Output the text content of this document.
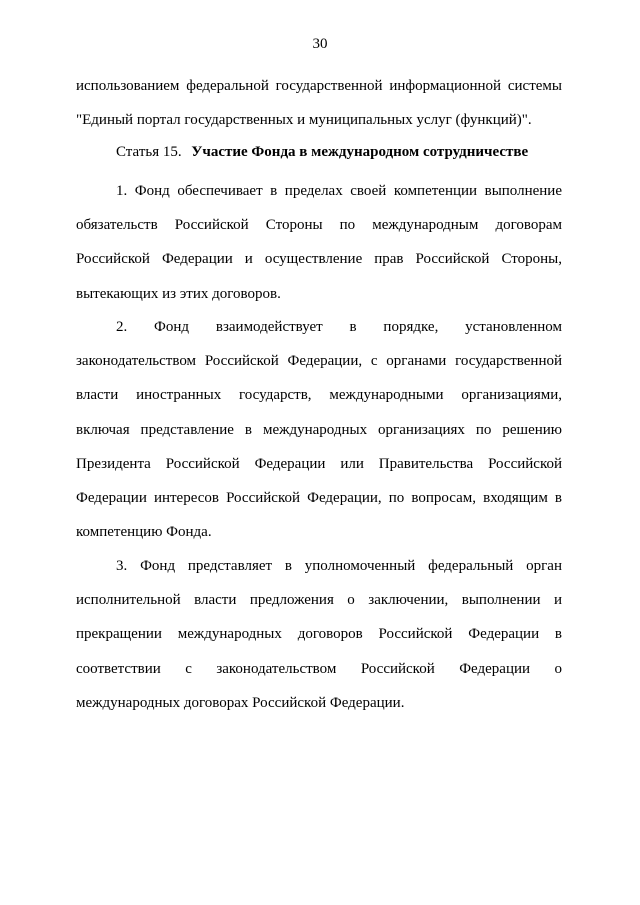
30
использованием федеральной государственной информационной системы "Единый портал государственных и муниципальных услуг (функций)".
Статья 15. Участие Фонда в международном сотрудничестве
1. Фонд обеспечивает в пределах своей компетенции выполнение обязательств Российской Стороны по международным договорам Российской Федерации и осуществление прав Российской Стороны, вытекающих из этих договоров.
2. Фонд взаимодействует в порядке, установленном законодательством Российской Федерации, с органами государственной власти иностранных государств, международными организациями, включая представление в международных организациях по решению Президента Российской Федерации или Правительства Российской Федерации интересов Российской Федерации, по вопросам, входящим в компетенцию Фонда.
3. Фонд представляет в уполномоченный федеральный орган исполнительной власти предложения о заключении, выполнении и прекращении международных договоров Российской Федерации в соответствии с законодательством Российской Федерации о международных договорах Российской Федерации.
